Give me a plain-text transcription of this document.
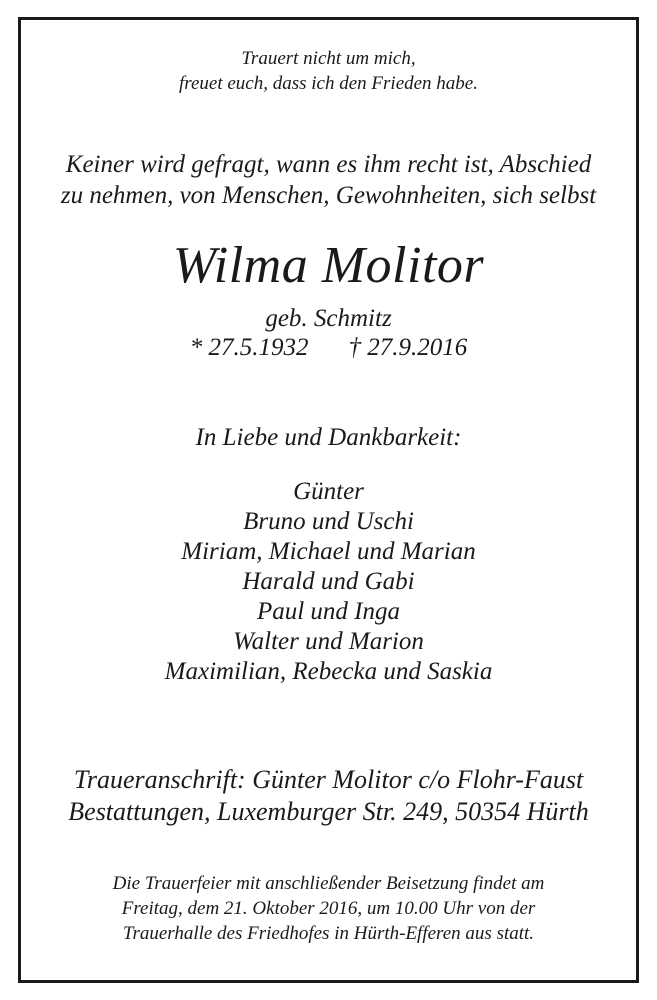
Trauert nicht um mich,
freuet euch, dass ich den Frieden habe.
Keiner wird gefragt, wann es ihm recht ist, Abschied
zu nehmen, von Menschen, Gewohnheiten, sich selbst
Wilma Molitor
geb. Schmitz
* 27.5.1932 † 27.9.2016
In Liebe und Dankbarkeit:
Günter
Bruno und Uschi
Miriam, Michael und Marian
Harald und Gabi
Paul und Inga
Walter und Marion
Maximilian, Rebecka und Saskia
Traueranschrift: Günter Molitor c/o Flohr-Faust
Bestattungen, Luxemburger Str. 249, 50354 Hürth
Die Trauerfeier mit anschließender Beisetzung findet am
Freitag, dem 21. Oktober 2016, um 10.00 Uhr von der
Trauerhalle des Friedhofes in Hürth-Efferen aus statt.
